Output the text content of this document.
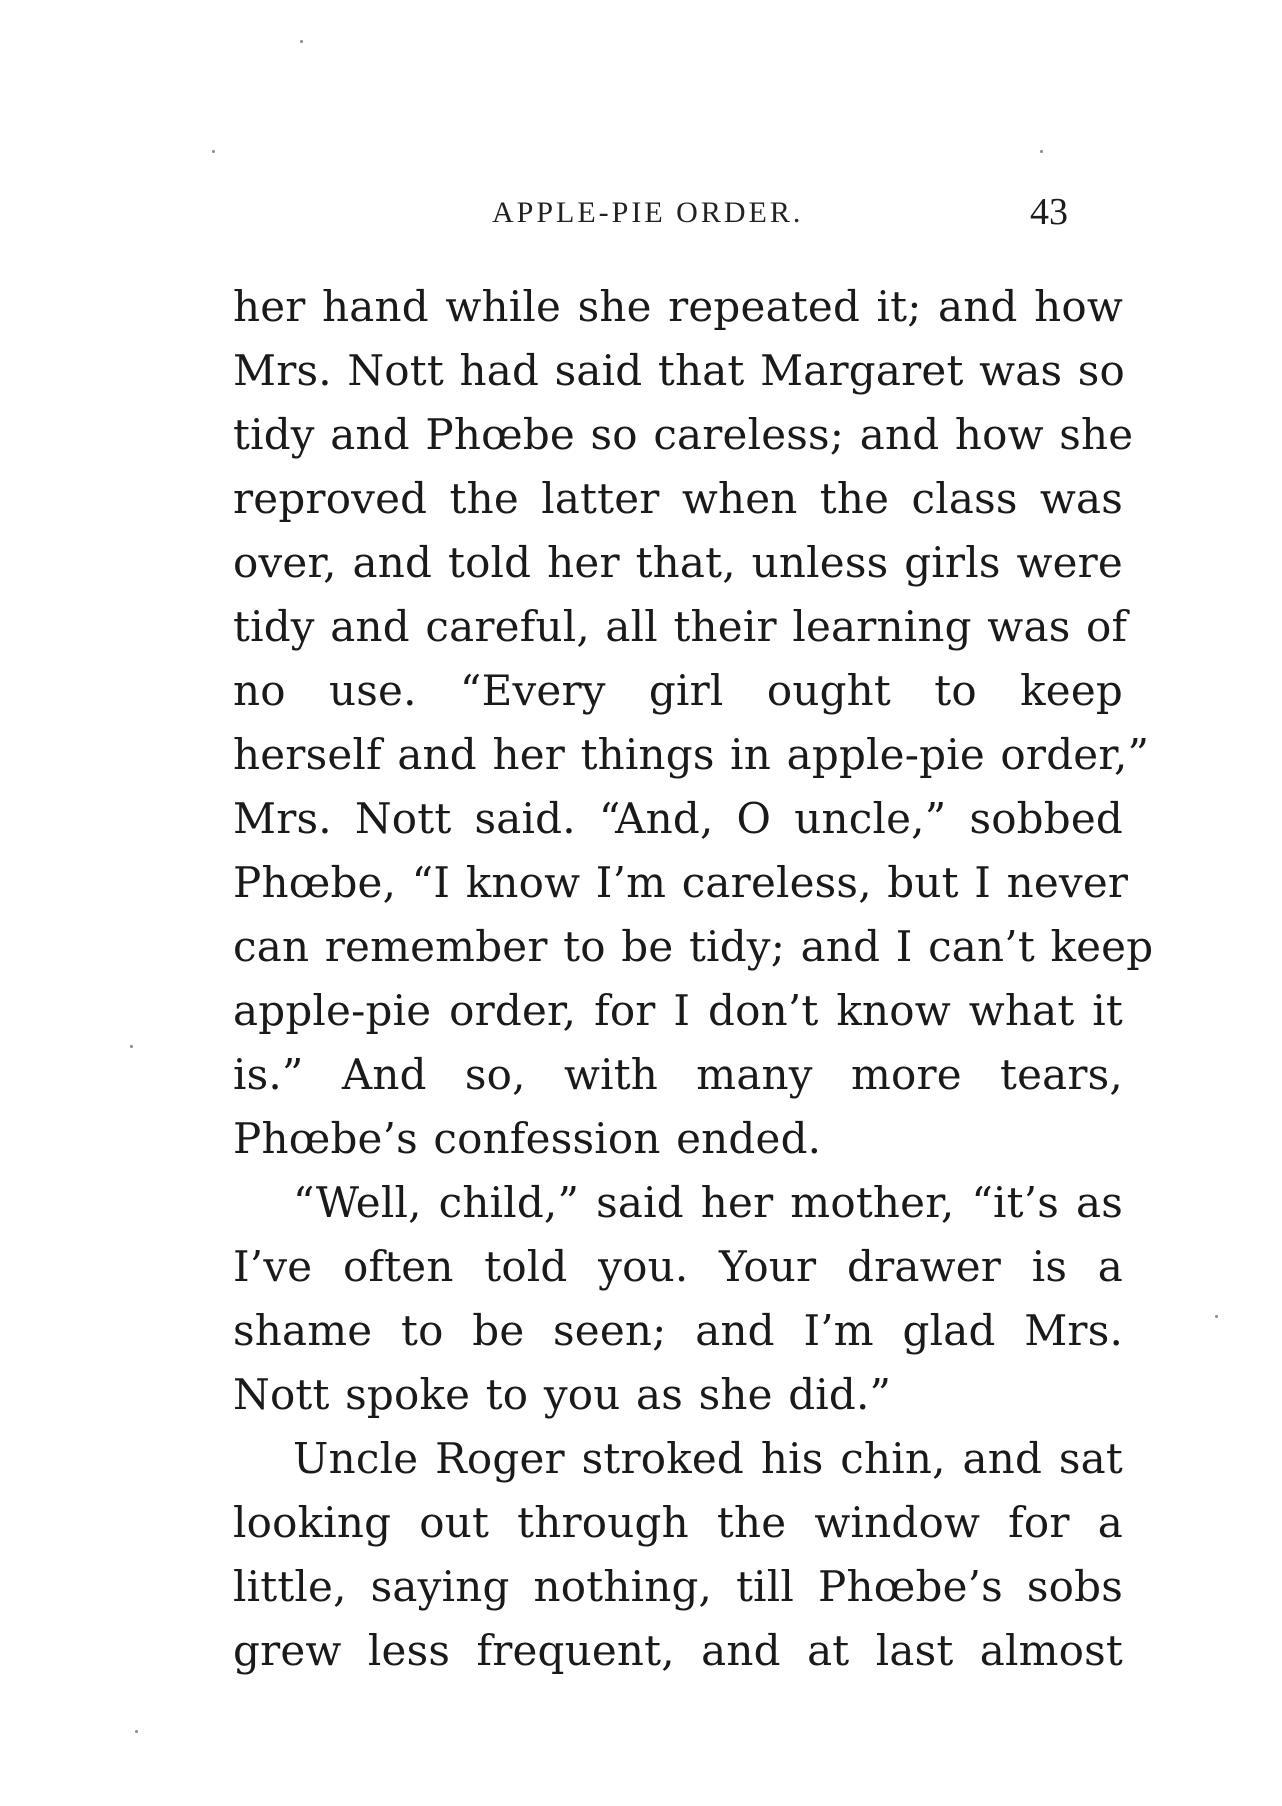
APPLE-PIE ORDER.	43
her hand while she repeated it; and how
Mrs. Nott had said that Margaret was so
tidy and Phœbe so careless; and how she
reproved the latter when the class was
over, and told her that, unless girls were
tidy and careful, all their learning was of
no use. “Every girl ought to keep
herself and her things in apple-pie order,”
Mrs. Nott said. “And, O uncle,” sobbed
Phœbe, “I know I’m careless, but I never
can remember to be tidy; and I can’t keep
apple-pie order, for I don’t know what it
is.” And so, with many more tears,
Phœbe’s confession ended.
“Well, child,” said her mother, “it’s as
I’ve often told you. Your drawer is a
shame to be seen; and I’m glad Mrs.
Nott spoke to you as she did.”
Uncle Roger stroked his chin, and sat
looking out through the window for a
little, saying nothing, till Phœbe’s sobs
grew less frequent, and at last almost
